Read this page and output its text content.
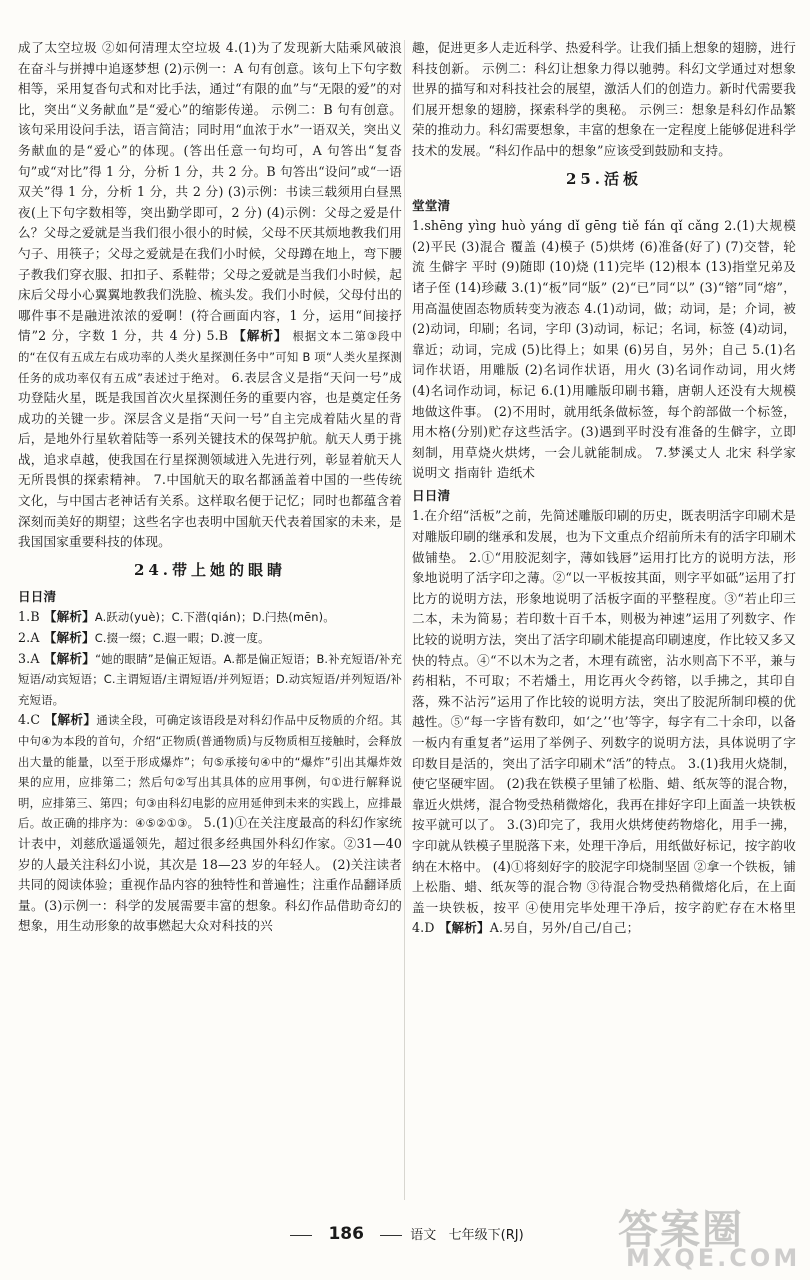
成了太空垃圾 ②如何清理太空垃圾 4.(1)为了发现新大陆乘风破浪 在奋斗与拼搏中追逐梦想 (2)示例一：A 句有创意。该句上下句字数相等，采用复沓句式和对比手法，通过“有限的血”与“无限的爱”的对比，突出“义务献血”是“爱心”的缩影传递。 示例二：B 句有创意。该句采用设问手法，语言简洁；同时用“血浓于水”一语双关，突出义务献血的是“爱心”的体现。(答出任意一句均可，A 句答出“复沓句”或“对比”得 1 分，分析 1 分，共 2 分。B 句答出“设问”或“一语双关”得 1 分，分析 1 分，共 2 分) (3)示例：书读三载须用白昼黑夜(上下句字数相等，突出勤学即可，2 分) (4)示例：父母之爱是什么？父母之爱就是当我们很小很小的时候，父母不厌其烦地教我们用勺子、用筷子；父母之爱就是在我们小时候，父母蹲在地上，弯下腰子教我们穿衣服、扣扣子、系鞋带；父母之爱就是当我们小时候，起床后父母小心翼翼地教我们洗脸、梳头发。我们小时候，父母付出的哪件事不是融进浓浓的爱啊！(符合画面内容，1 分，运用“间接抒情”2 分，字数 1 分，共 4 分) 5.B 【解析】 根据文本二第③段中的“在仅有五成左右成功率的人类火星探测任务中”可知 B 项“人类火星探测任务的成功率仅有五成”表述过于绝对。 6.表层含义是指“天问一号”成功登陆火星，既是我国首次火星探测任务的重要内容，也是奠定任务成功的关键一步。深层含义是指“天问一号”自主完成着陆火星的背后，是地外行星软着陆等一系列关键技术的保驾护航。航天人勇于挑战，追求卓越，使我国在行星探测领域进入先进行列，彰显着航天人无所畏惧的探索精神。 7.中国航天的取名都涵盖着中国的一些传统文化，与中国古老神话有关系。这样取名便于记忆；同时也都蕴含着深刻而美好的期望；这些名字也表明中国航天代表着国家的未来，是我国国家重要科技的体现。

24.带上她的眼睛
日日清

1.B 【解析】A.跃动(yuè)；C.下潜(qián)；D.闩热(mēn)。

2.A 【解析】C.掇一缀；C.遐一暇；D.渡一度。

3.A 【解析】“她的眼睛”是偏正短语。A.都是偏正短语；B.补充短语/补充短语/动宾短语；C.主谓短语/主谓短语/并列短语；D.动宾短语/并列短语/补充短语。

4.C 【解析】通读全段，可确定该语段是对科幻作品中反物质的介绍。其中句④为本段的首句，介绍“正物质(普通物质)与反物质相互接触时，会释放出大量的能量，以至于形成爆炸”；句⑤承接句④中的“爆炸”引出其爆炸效果的应用，应排第二；然后句②写出其具体的应用事例，句①进行解释说明，应排第三、第四；句③由科幻电影的应用延伸到未来的实践上，应排最后。故正确的排序为：④⑤②①③。 5.(1)①在关注度最高的科幻作家统计表中，刘慈欣遥遥领先，超过很多经典国外科幻作家。②31—40 岁的人最关注科幻小说，其次是 18—23 岁的年轻人。 (2)关注读者共同的阅读体验；重视作品内容的独特性和普遍性；注重作品翻译质量。(3)示例一：科学的发展需要丰富的想象。科幻作品借助奇幻的想象，用生动形象的故事燃起大众对科技的兴

趣，促进更多人走近科学、热爱科学。让我们插上想象的翅膀，进行科技创新。 示例二：科幻让想象力得以驰骋。科幻文学通过对想象世界的描写和对科技社会的展望，激活人们的创造力。新时代需要我们展开想象的翅膀，探索科学的奥秘。 示例三：想象是科幻作品繁荣的推动力。科幻需要想象，丰富的想象在一定程度上能够促进科学技术的发展。“科幻作品中的想象”应该受到鼓励和支持。

25.活板
堂堂清

1.shēng yìng huò yáng dǐ gēng tiě fán qǐ cǎng 2.(1)大规模 (2)平民 (3)混合 覆盖 (4)模子 (5)烘烤 (6)准备(好了) (7)交替，轮流 生僻字 平时 (9)随即 (10)烧 (11)完毕 (12)根本 (13)指堂兄弟及诸子侄 (14)珍藏 3.(1)“板”同“版” (2)“已”同“以” (3)“镕”同“熔”，用高温使固态物质转变为液态 4.(1)动词，做；动词，是；介词，被 (2)动词，印刷；名词，字印 (3)动词，标记；名词，标签 (4)动词，靠近；动词，完成 (5)比得上；如果 (6)另自，另外；自己 5.(1)名词作状语，用雕版 (2)名词作状语，用火 (3)名词作动词，用火烤 (4)名词作动词，标记 6.(1)用雕版印刷书籍，唐朝人还没有大规模地做这件事。 (2)不用时，就用纸条做标签，每个韵部做一个标签，用木格(分别)贮存这些活字。(3)遇到平时没有准备的生僻字，立即刻制，用草烧火烘烤，一会儿就能制成。 7.梦溪丈人 北宋 科学家 说明文 指南针 造纸术

日日清

1.在介绍“活板”之前，先简述雕版印刷的历史，既表明活字印刷术是对雕版印刷的继承和发展，也为下文重点介绍前所未有的活字印刷术做铺垫。 2.①“用胶泥刻字，薄如钱唇”运用打比方的说明方法，形象地说明了活字印之薄。②“以一平板按其面，则字平如砥”运用了打比方的说明方法，形象地说明了活板字面的平整程度。③“若止印三二本，未为简易；若印数十百千本，则极为神速”运用了列数字、作比较的说明方法，突出了活字印刷术能提高印刷速度，作比较又多又快的特点。④“不以木为之者，木理有疏密，沾水则高下不平，兼与药相粘，不可取；不若燔土，用讫再火令药镕，以手拂之，其印自落，殊不沾污”运用了作比较的说明方法，突出了胶泥所制印模的优越性。⑤“每一字皆有数印，如‘之’‘也’等字，每字有二十余印，以备一板内有重复者”运用了举例子、列数字的说明方法，具体说明了字印数目是活的，突出了活字印刷术“活”的特点。 3.(1)我用火烧制，使它坚硬牢固。 (2)我在铁模子里铺了松脂、蜡、纸灰等的混合物，靠近火烘烤，混合物受热稍微熔化，我再在排好字印上面盖一块铁板按平就可以了。 3.(3)印完了，我用火烘烤使药物熔化，用手一拂，字印就从铁模子里脱落下来，处理干净后，用纸做好标记，按字韵收纳在木格中。 (4)①将刻好字的胶泥字印烧制坚固 ②拿一个铁板，铺上松脂、蜡、纸灰等的混合物 ③待混合物受热稍微熔化后，在上面盖一块铁板，按平 ④使用完毕处理干净后，按字韵贮存在木格里 4.D 【解析】A.另自，另外/自己/自己；

186	语文 七年级下(RJ)	答案圈
MXQE.COM
